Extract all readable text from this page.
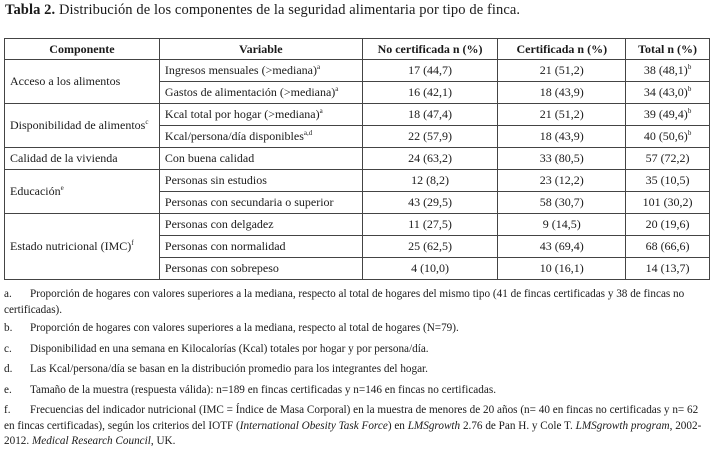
Tabla 2. Distribución de los componentes de la seguridad alimentaria por tipo de finca.
Componente	Variable	No certificada n (%)	Certificada n (%)	Total n (%)
Acceso a los alimentos	Ingresos mensuales (>mediana)$^a$	17 (44,7)	21 (51,2)	38 $(48,1)^b$
	Gastos de alimentación (>mediana)$^a$	16 (42,1)	18 (43,9)	34 $(43,0)^b$
Disponibilidad de alimentos$^c$	Kcal total por hogar (>mediana)$^a$	18 (47,4)	21 (51,2)	39 $(49,4)^b$
	Kcal/persona/día disponibles$^{a,d}$	22 (57,9)	18 (43,9)	40 $(50,6)^b$
Calidad de la vivienda	Con buena calidad	24 (63,2)	33 (80,5)	57 (72,2)
Educación$^e$	Personas sin estudios	12 (8,2)	23 (12,2)	35 (10,5)
	Personas con secundaria o superior	43 (29,5)	58 (30,7)	101 (30,2)
Estado nutricional (IMC)$^f$	Personas con delgadez	11 (27,5)	9 (14,5)	20 (19,6)
	Personas con normalidad	25 (62,5)	43 (69,4)	68 (66,6)
	Personas con sobrepeso	4 (10,0)	10 (16,1)	14 (13,7)
a. Proporción de hogares con valores superiores a la mediana, respecto al total de hogares del mismo tipo (41 de fincas certificadas y 38 de fincas no certificadas).
b. Proporción de hogares con valores superiores a la mediana, respecto al total de hogares (N=79).
c. Disponibilidad en una semana en Kilocalorías (Kcal) totales por hogar y por persona/día.
d. Las Kcal/persona/día se basan en la distribución promedio para los integrantes del hogar.
e. Tamaño de la muestra (respuesta válida): n=189 en fincas certificadas y n=146 en fincas no certificadas.
f. Frecuencias del indicador nutricional (IMC = Índice de Masa Corporal) en la muestra de menores de 20 años (n= 40 en fincas no certificadas y n= 62 en fincas certificadas), según los criterios del IOTF (International Obesity Task Force) en LMSgrowth 2.76 de Pan H. y Cole T. LMSgrowth program, 2002-2012. Medical Research Council, UK.
